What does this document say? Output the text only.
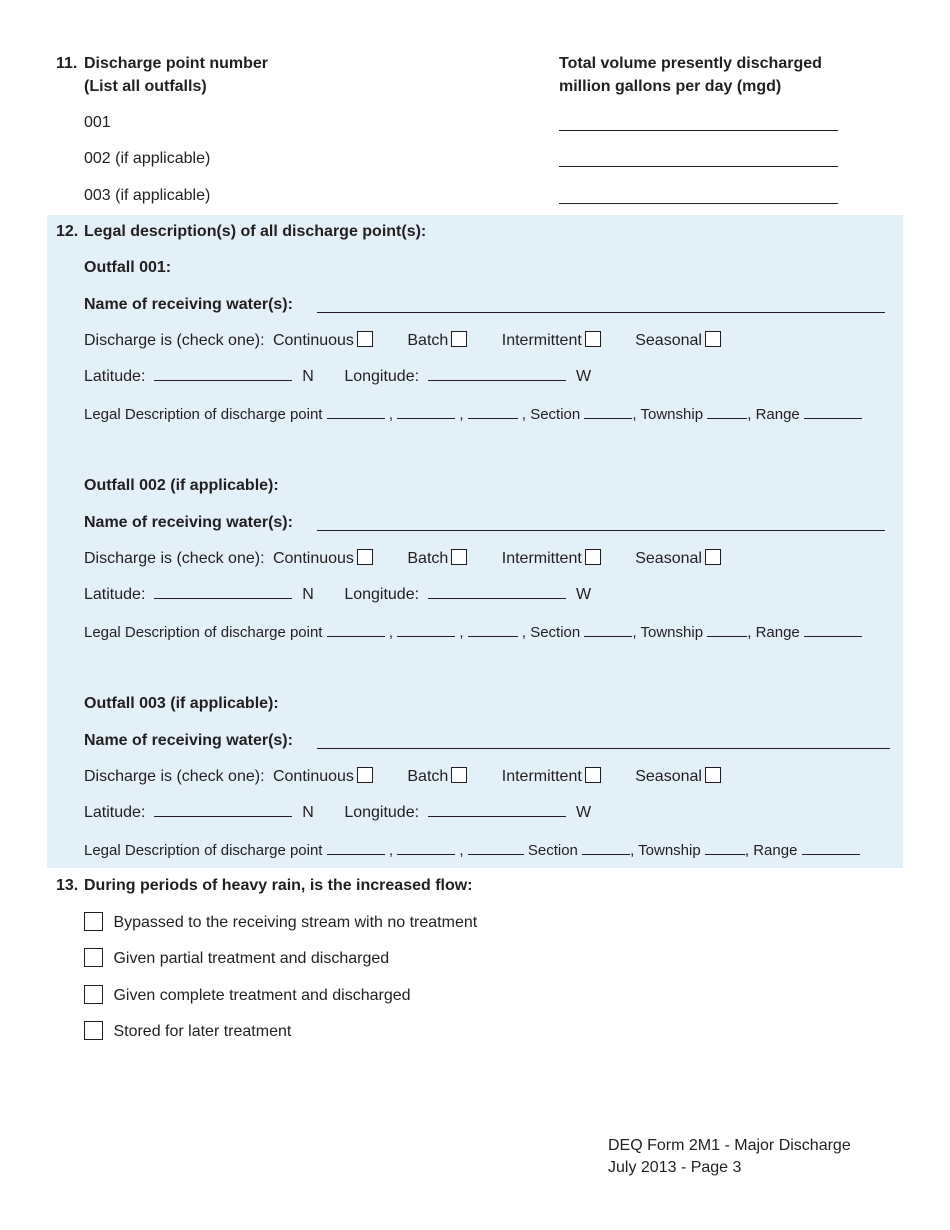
11. Discharge point number
(List all outfalls)
Total volume presently discharged
million gallons per day (mgd)
001
002 (if applicable)
003 (if applicable)
12. Legal description(s) of all discharge point(s):
Outfall 001:
Name of receiving water(s):
Discharge is (check one): Continuous	Batch	Intermittent	Seasonal
Latitude:	N Longitude:	W
Legal Description of discharge point	,	,	, Section	, Township	, Range
Outfall 002 (if applicable):
Name of receiving water(s):
Discharge is (check one): Continuous	Batch	Intermittent	Seasonal
Latitude:	N Longitude:	W
Legal Description of discharge point	,	,	, Section	, Township	, Range
Outfall 003 (if applicable):
Name of receiving water(s):
Discharge is (check one): Continuous	Batch	Intermittent	Seasonal
Latitude:	N Longitude:	W
Legal Description of discharge point	,	,	Section	, Township	, Range
13. During periods of heavy rain, is the increased flow:
Bypassed to the receiving stream with no treatment
Given partial treatment and discharged
Given complete treatment and discharged
Stored for later treatment
DEQ Form 2M1 - Major Discharge
July 2013 - Page 3
